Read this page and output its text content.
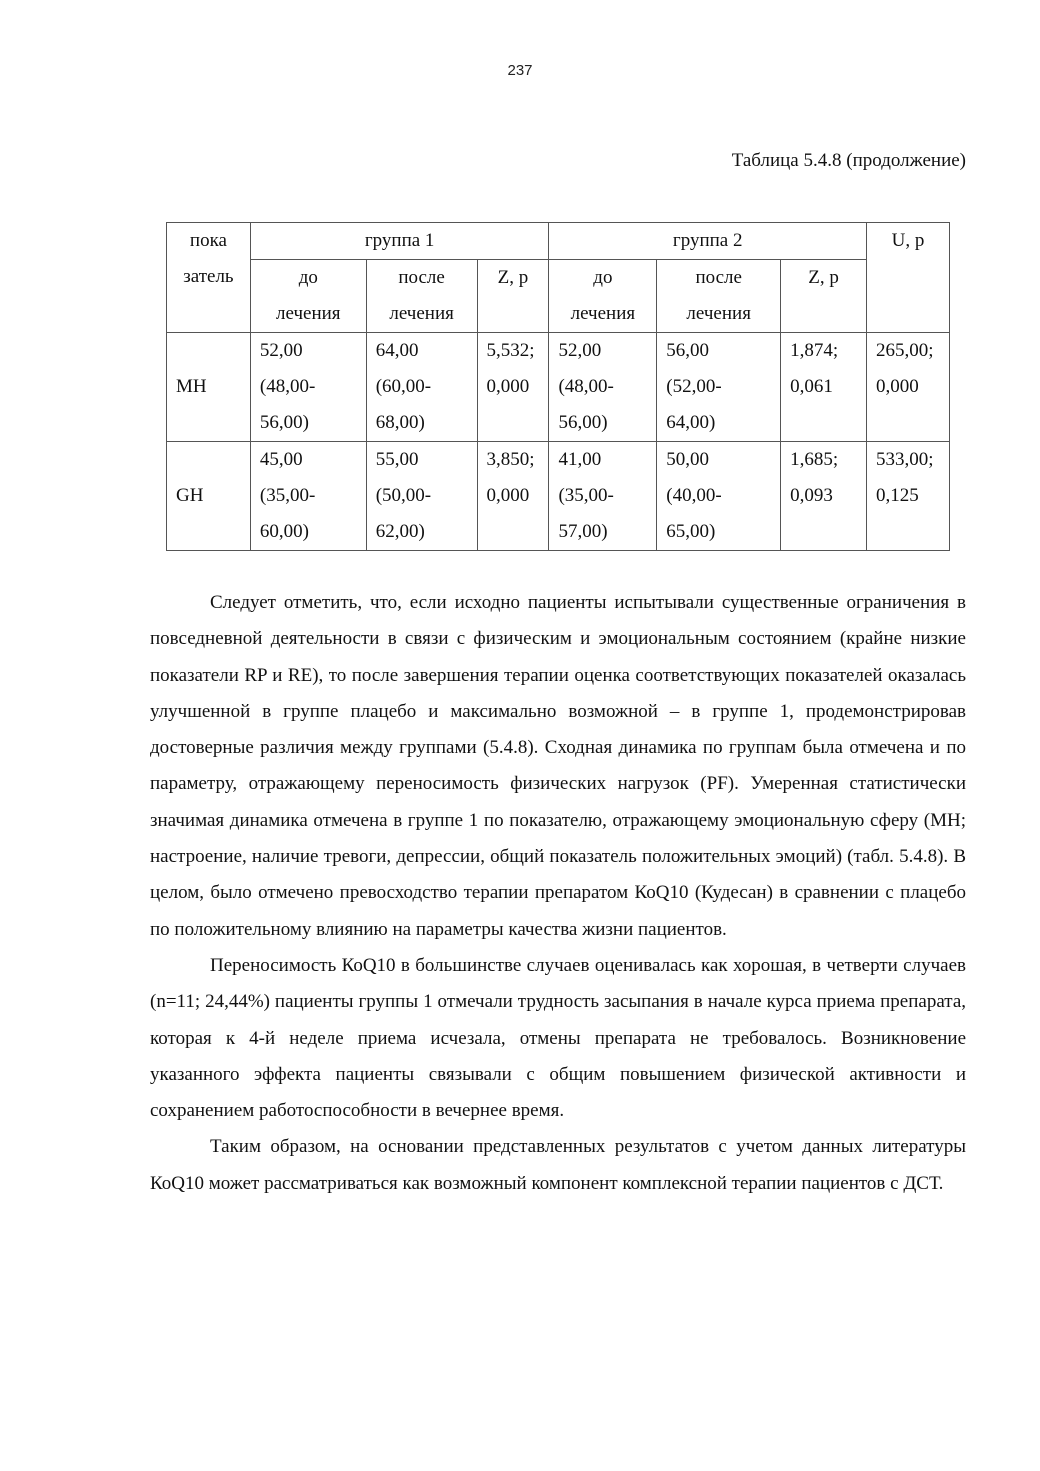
237
Таблица 5.4.8 (продолжение)
пока
затель	группа 1			группа 2			U, p

	до
лечения	после
лечения	Z, p	до
лечения	после
лечения	Z, p	

МН	52,00
(48,00-
56,00)	64,00
(60,00-
68,00)	5,532;
0,000	52,00
(48,00-
56,00)	56,00
(52,00-
64,00)	1,874;
0,061	265,00;
0,000

GH	45,00
(35,00-
60,00)	55,00
(50,00-
62,00)	3,850;
0,000	41,00
(35,00-
57,00)	50,00
(40,00-
65,00)	1,685;
0,093	533,00;
0,125

Следует отметить, что, если исходно пациенты испытывали существенные ограничения в повседневной деятельности в связи с физическим и эмоциональным состоянием (крайне низкие показатели RP и RE), то после завершения терапии оценка соответствующих показателей оказалась улучшенной в группе плацебо и максимально возможной – в группе 1, продемонстрировав достоверные различия между группами (5.4.8). Сходная динамика по группам была отмечена и по параметру, отражающему переносимость физических нагрузок (PF). Умеренная статистически значимая динамика отмечена в группе 1 по показателю, отражающему эмоциональную сферу (МН; настроение, наличие тревоги, депрессии, общий показатель положительных эмоций) (табл. 5.4.8). В целом, было отмечено превосходство терапии препаратом КоQ10 (Кудесан) в сравнении с плацебо по положительному влиянию на параметры качества жизни пациентов.

Переносимость КоQ10 в большинстве случаев оценивалась как хорошая, в четверти случаев (n=11; 24,44%) пациенты группы 1 отмечали трудность засыпания в начале курса приема препарата, которая к 4-й неделе приема исчезала, отмены препарата не требовалось. Возникновение указанного эффекта пациенты связывали с общим повышением физической активности и сохранением работоспособности в вечернее время.

Таким образом, на основании представленных результатов с учетом данных литературы КоQ10 может рассматриваться как возможный компонент комплексной терапии пациентов с ДСТ.
